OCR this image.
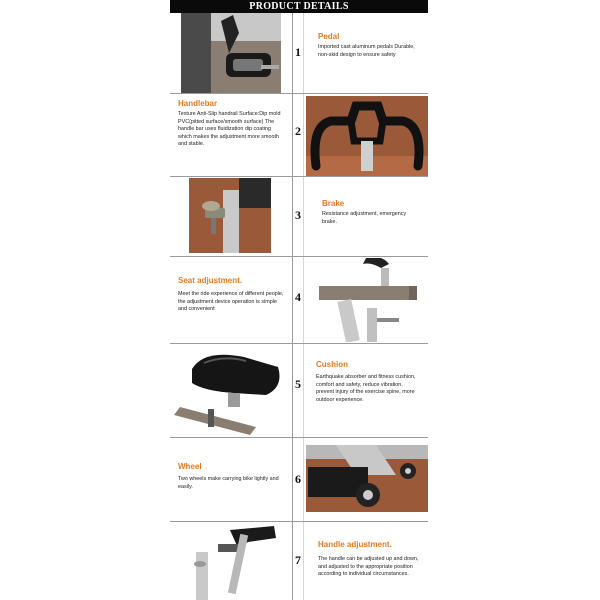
PRODUCT DETAILS
1
Pedal
Imported cast aluminum pedals Durable, non-skid design to ensure safety
Handlebar
Texture Anti-Slip handrail Surface:Dip mold PVC(pitted surface/smooth surface) The handle bar uses fluidization dip coating which makes the adjustment more smooth and stable.
2
3
Brake
Resistance adjustment, emergency brake.
Seat adjustment.
Meet the ride experience of different people, the adjustment device operation is simple and convenient
4
5
Cushion
Earthquake absorber and fitness cushion, comfort and safety, reduce vibration, prevent injury of the exercise spine, more outdoor experience.
Wheel
Two wheels make carrying bike lightly and easily.
6
7
Handle adjustment.
The handle can be adjusted up and down, and adjusted to the appropriate position according to individual circumstances.
